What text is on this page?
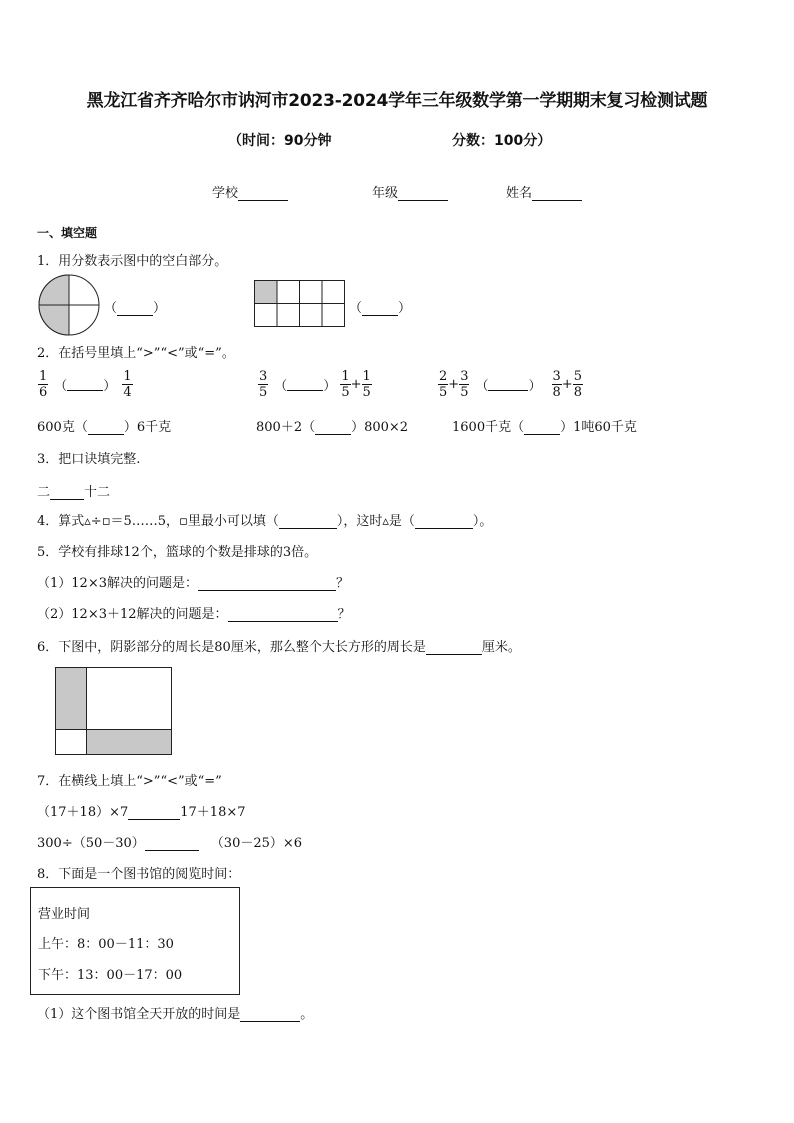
黑龙江省齐齐哈尔市讷河市2023-2024学年三年级数学第一学期期末复习检测试题
（时间：90分钟	分数：100分）
学校	年级	姓名
一、填空题
1．用分数表示图中的空白部分。
（	）	（	）
2．在括号里填上“>”“<”或“=”。
$\frac{1}{6}$ （	） $\frac{1}{4}$	$\frac{3}{5}$ （	） $\frac{1}{5} + \frac{1}{5}$	$\frac{2}{5} + \frac{3}{5}$ （	） $\frac{3}{8} + \frac{5}{8}$
600克（	）6千克	800＋2（	）800×2	1600千克（	）1吨60千克
3．把口诀填完整.
二	十二
4．算式▵÷▫＝5……5，▫里最小可以填（	），这时▵是（	）。
5．学校有排球12个，篮球的个数是排球的3倍。
（1）12×3解决的问题是：	？
（2）12×3＋12解决的问题是：	？
6．下图中，阴影部分的周长是80厘米，那么整个大长方形的周长是	厘米。
7．在横线上填上“>”“<”或“=”
（17＋18）×7	17＋18×7
300÷（50－30）	（30－25）×6
8．下面是一个图书馆的阅览时间：
营业时间
上午：8：00－11：30
下午：13：00－17：00
（1）这个图书馆全天开放的时间是	。
